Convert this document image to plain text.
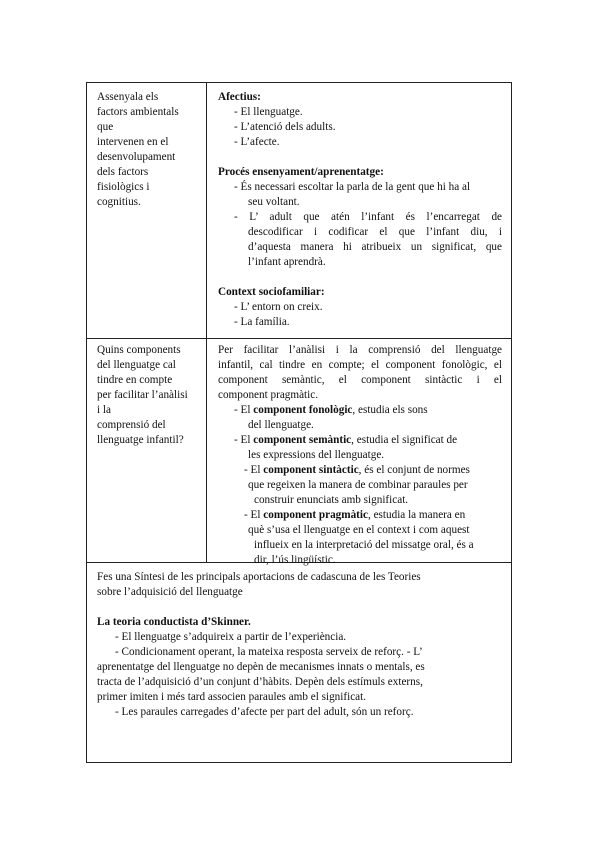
Assenyala els
factors ambientals
que
intervenen en el
desenvolupament
dels factors
fisiològics i
cognitius.
Afectius:
- El llenguatge.
- L’atenció dels adults.
- L’afecte.
Procés ensenyament/aprenentatge:
- És necessari escoltar la parla de la gent que hi ha al
seu voltant.
- L’ adult que atén l’infant és l’encarregat de
descodificar i codificar el que l’infant diu, i
d’aquesta manera hi atribueix un significat, que
l’infant aprendrà.
Context sociofamiliar:
- L’ entorn on creix.
- La família.
Quins components
del llenguatge cal
tindre en compte
per facilitar l’anàlisi
i la
comprensió del
llenguatge infantil?
Per facilitar l’anàlisi i la comprensió del llenguatge
infantil, cal tindre en compte; el component fonològic, el
component semàntic, el component sintàctic i el
component pragmàtic.
- El component fonològic, estudia els sons
del llenguatge.
- El component semàntic, estudia el significat de
les expressions del llenguatge.
- El component sintàctic, és el conjunt de normes
que regeixen la manera de combinar paraules per
construir enunciats amb significat.
- El component pragmàtic, estudia la manera en
què s’usa el llenguatge en el context i com aquest
influeix en la interpretació del missatge oral, és a
dir, l’ús lingüístic.
Fes una Síntesi de les principals aportacions de cadascuna de les Teories
sobre l’adquisició del llenguatge
La teoria conductista d’Skinner.
- El llenguatge s’adquireix a partir de l’experiència.
- Condicionament operant, la mateixa resposta serveix de reforç. - L’
aprenentatge del llenguatge no depèn de mecanismes innats o mentals, es
tracta de l’adquisició d’un conjunt d’hàbits. Depèn dels estímuls externs,
primer imiten i més tard associen paraules amb el significat.
- Les paraules carregades d’afecte per part del adult, són un reforç.
